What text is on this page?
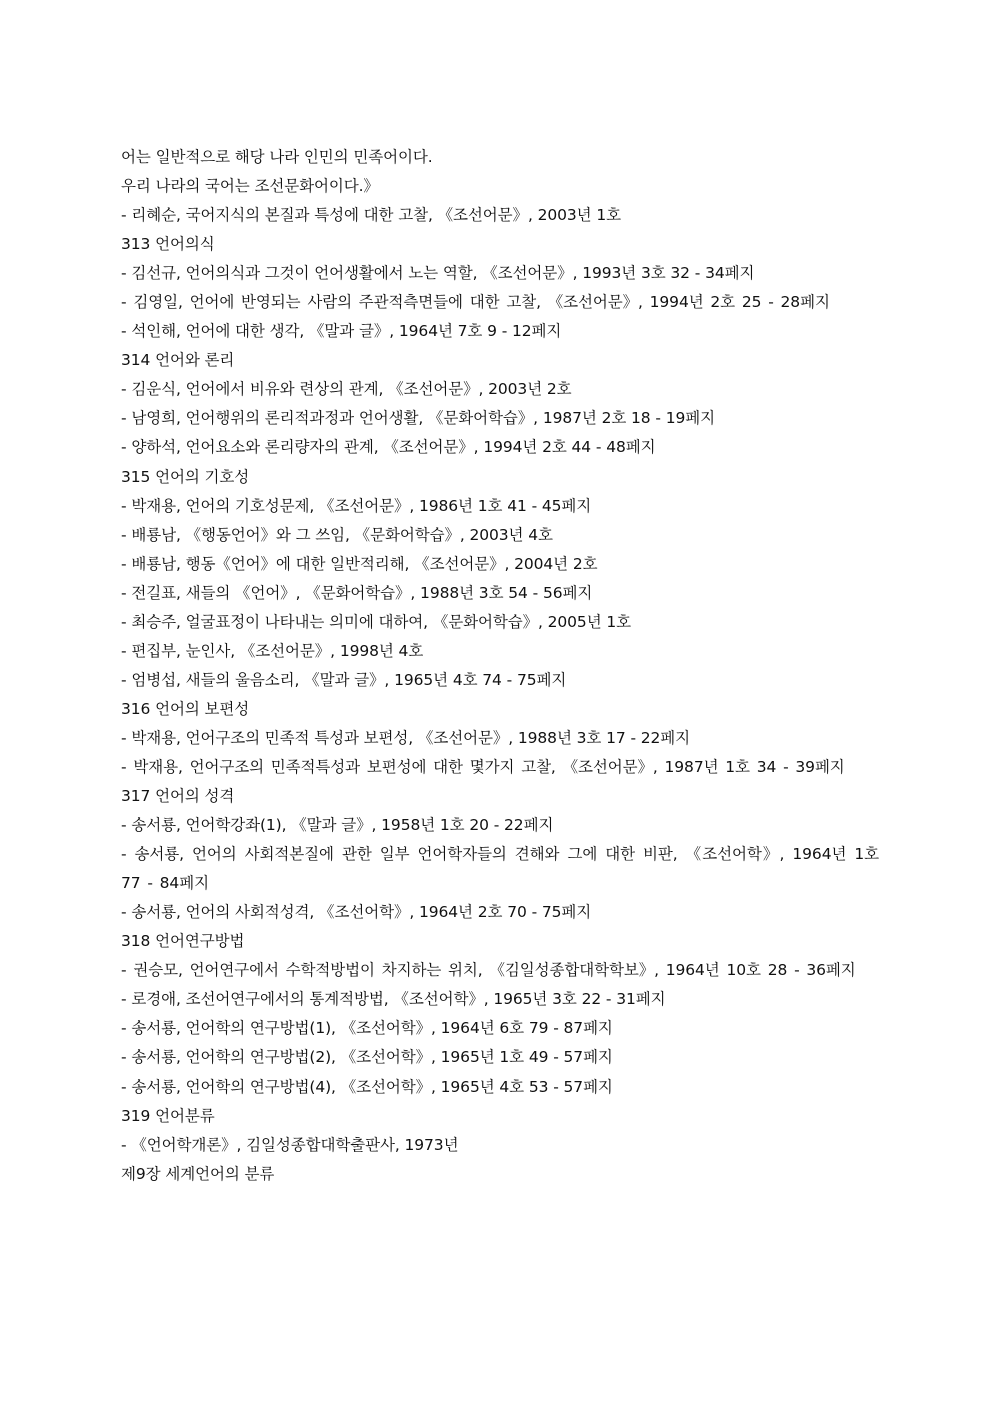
어는 일반적으로 해당 나라 인민의 민족어이다.
우리 나라의 국어는 조선문화어이다.》
- 리혜순, 국어지식의 본질과 특성에 대한 고찰, 《조선어문》, 2003년 1호
313 언어의식
- 김선규, 언어의식과 그것이 언어생활에서 노는 역할, 《조선어문》, 1993년 3호 32 - 34페지
- 김영일, 언어에 반영되는 사람의 주관적측면들에 대한 고찰, 《조선어문》, 1994년 2호 25 - 28페지
- 석인해, 언어에 대한 생각, 《말과 글》, 1964년 7호 9 - 12페지
314 언어와 론리
- 김운식, 언어에서 비유와 련상의 관계, 《조선어문》, 2003년 2호
- 남영희, 언어행위의 론리적과정과 언어생활, 《문화어학습》, 1987년 2호 18 - 19페지
- 양하석, 언어요소와 론리량자의 관계, 《조선어문》, 1994년 2호 44 - 48페지
315 언어의 기호성
- 박재용, 언어의 기호성문제, 《조선어문》, 1986년 1호 41 - 45페지
- 배룡남, 《행동언어》와 그 쓰임, 《문화어학습》, 2003년 4호
- 배룡남, 행동《언어》에 대한 일반적리해, 《조선어문》, 2004년 2호
- 전길표, 새들의 《언어》, 《문화어학습》, 1988년 3호 54 - 56페지
- 최승주, 얼굴표정이 나타내는 의미에 대하여, 《문화어학습》, 2005년 1호
- 편집부, 눈인사, 《조선어문》, 1998년 4호
- 엄병섭, 새들의 울음소리, 《말과 글》, 1965년 4호 74 - 75페지
316 언어의 보편성
- 박재용, 언어구조의 민족적 특성과 보편성, 《조선어문》, 1988년 3호 17 - 22페지
- 박재용, 언어구조의 민족적특성과 보편성에 대한 몇가지 고찰, 《조선어문》, 1987년 1호 34 - 39페지
317 언어의 성격
- 송서룡, 언어학강좌(1), 《말과 글》, 1958년 1호 20 - 22페지
- 송서룡, 언어의 사회적본질에 관한 일부 언어학자들의 견해와 그에 대한 비판, 《조선어학》, 1964년 1호 77 - 84페지
- 송서룡, 언어의 사회적성격, 《조선어학》, 1964년 2호 70 - 75페지
318 언어연구방법
- 권승모, 언어연구에서 수학적방법이 차지하는 위치, 《김일성종합대학학보》, 1964년 10호 28 - 36페지
- 로경애, 조선어연구에서의 통계적방법, 《조선어학》, 1965년 3호 22 - 31페지
- 송서룡, 언어학의 연구방법(1), 《조선어학》, 1964년 6호 79 - 87페지
- 송서룡, 언어학의 연구방법(2), 《조선어학》, 1965년 1호 49 - 57페지
- 송서룡, 언어학의 연구방법(4), 《조선어학》, 1965년 4호 53 - 57페지
319 언어분류
- 《언어학개론》, 김일성종합대학출판사, 1973년
제9장 세계언어의 분류
